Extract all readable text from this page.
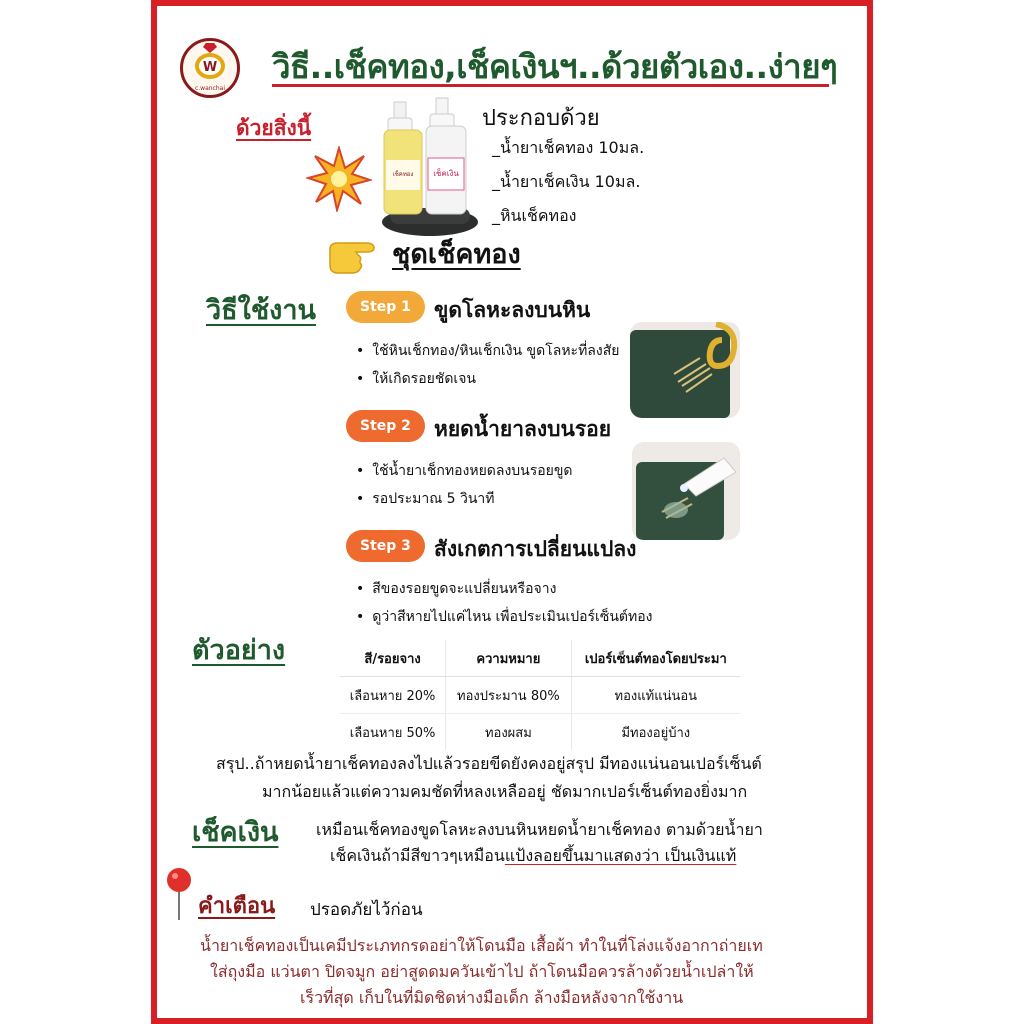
W
c.wanchai
วิธี..เช็คทอง,เช็คเงินฯ..ด้วยตัวเอง..ง่ายๆ
ด้วยสิ่งนี้
เช็คทอง เช็คเงิน
ประกอบด้วย
_น้ำยาเช็คทอง 10มล.
_น้ำยาเช็คเงิน 10มล.
_หินเช็คทอง
ชุดเช็คทอง
วิธีใช้งาน	Step 1	ขูดโลหะลงบนหิน
• ใช้หินเช็กทอง/หินเช็กเงิน ขูดโลหะที่ลงสัย
• ให้เกิดรอยชัดเจน
Step 2	หยดน้ำยาลงบนรอย
• ใช้น้ำยาเช็กทองหยดลงบนรอยขูด
• รอประมาณ 5 วินาที
Step 3	สังเกตการเปลี่ยนแปลง
• สีของรอยขูดจะแปลี่ยนหรือจาง
• ดูว่าสีหายไปแค่ไหน เพื่อประเมินเปอร์เซ็นต์ทอง
ตัวอย่าง	สี/รอยจาง	ความหมาย	เปอร์เซ็นต์ทองโดยประมา
เลือนหาย 20%	ทองประมาน 80%	ทองแท้แน่นอน
เลือนหาย 50%	ทองผสม	มีทองอยู่บ้าง
สรุป..ถ้าหยดน้ำยาเช็คทองลงไปแล้วรอยขีดยังคงอยู่สรุป มีทองแน่นอนเปอร์เซ็นต์
มากน้อยแล้วแต่ความคมชัดที่หลงเหลืออยู่ ชัดมากเปอร์เซ็นต์ทองยิ่งมาก
เช็คเงิน เหมือนเช็คทองขูดโลหะลงบนหินหยดน้ำยาเช็คทอง ตามด้วยน้ำยา
เช็คเงินถ้ามีสีขาวๆเหมือนแป้งลอยขึ้นมาแสดงว่า เป็นเงินแท้
คำเตือน ปรอดภัยไว้ก่อน
น้ำยาเช็คทองเป็นเคมีประเภทกรดอย่าให้โดนมือ เสื้อผ้า ทำในที่โล่งแจ้งอากาถ่ายเท
ใส่ถุงมือ แว่นตา ปิดจมูก อย่าสูดดมควันเข้าไป ถ้าโดนมือควรล้างด้วยน้ำเปล่าให้
เร็วที่สุด เก็บในที่มิดชิดห่างมือเด็ก ล้างมือหลังจากใช้งาน
